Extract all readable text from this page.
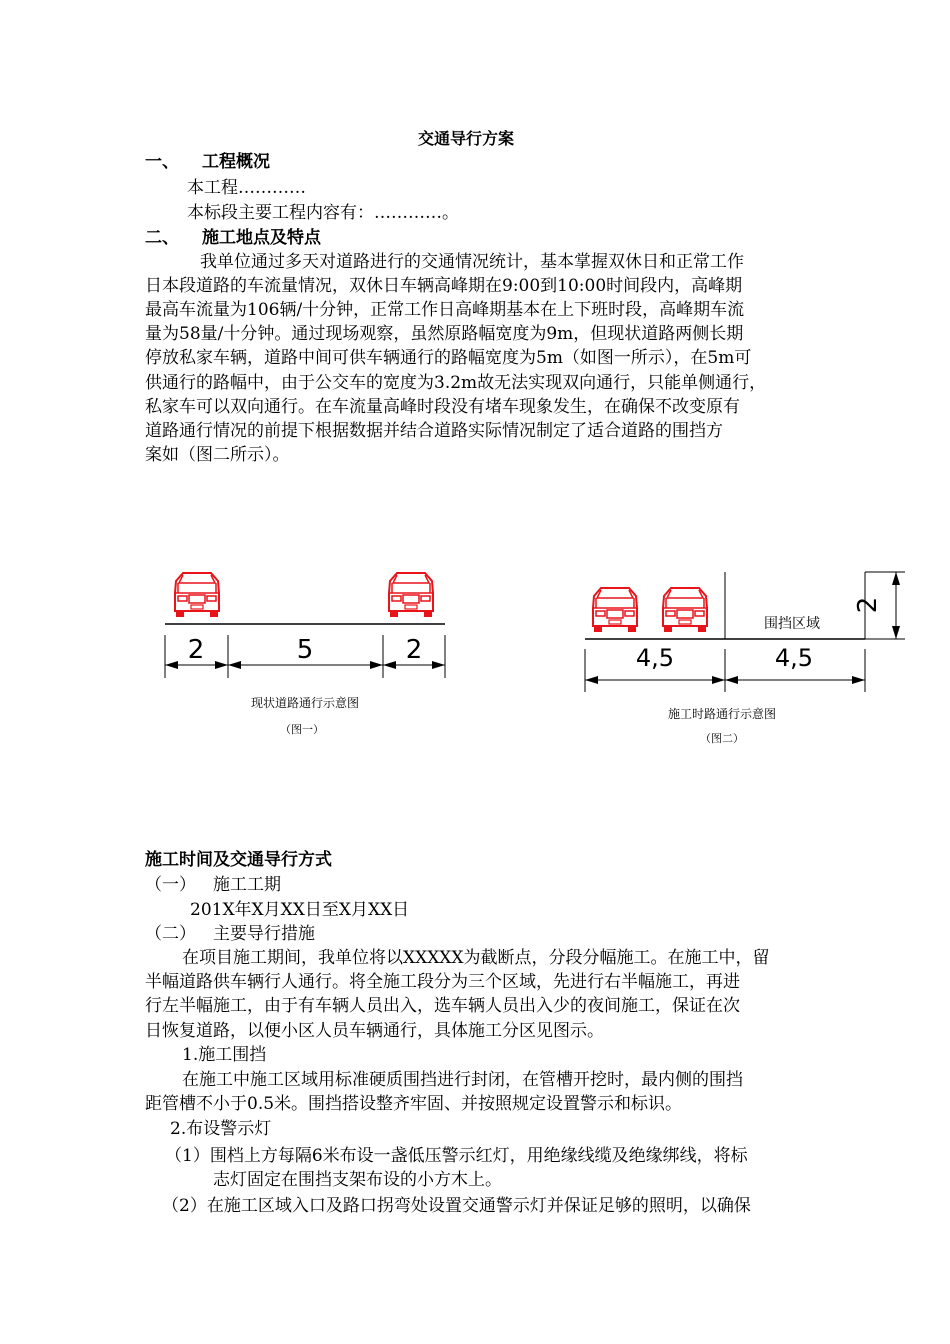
交通导行方案
一、 工程概况
本工程…………
本标段主要工程内容有：…………。
二、 施工地点及特点
我单位通过多天对道路进行的交通情况统计，基本掌握双休日和正常工作
日本段道路的车流量情况，双休日车辆高峰期在9:00到10:00时间段内，高峰期
最高车流量为106辆/十分钟，正常工作日高峰期基本在上下班时段，高峰期车流
量为58量/十分钟。通过现场观察，虽然原路幅宽度为9m，但现状道路两侧长期
停放私家车辆，道路中间可供车辆通行的路幅宽度为5m（如图一所示），在5m可
供通行的路幅中，由于公交车的宽度为3.2m故无法实现双向通行，只能单侧通行，
私家车可以双向通行。在车流量高峰时段没有堵车现象发生，在确保不改变原有
道路通行情况的前提下根据数据并结合道路实际情况制定了适合道路的围挡方
案如（图二所示）。
2	5	2
现状道路通行示意图
（图一）
2
围挡区域
4,5	4,5
施工时路通行示意图
（图二）
施工时间及交通导行方式
（一） 施工工期
201X年X月XX日至X月XX日
（二） 主要导行措施
在项目施工期间，我单位将以XXXXX为截断点，分段分幅施工。在施工中，留
半幅道路供车辆行人通行。将全施工段分为三个区域，先进行右半幅施工，再进
行左半幅施工，由于有车辆人员出入，选车辆人员出入少的夜间施工，保证在次
日恢复道路，以便小区人员车辆通行，具体施工分区见图示。
1.施工围挡
在施工中施工区域用标准硬质围挡进行封闭，在管槽开挖时，最内侧的围挡
距管槽不小于0.5米。围挡搭设整齐牢固、并按照规定设置警示和标识。
2.布设警示灯
（1）围档上方每隔6米布设一盏低压警示红灯，用绝缘线缆及绝缘绑线，将标
志灯固定在围挡支架布设的小方木上。
（2）在施工区域入口及路口拐弯处设置交通警示灯并保证足够的照明，以确保
